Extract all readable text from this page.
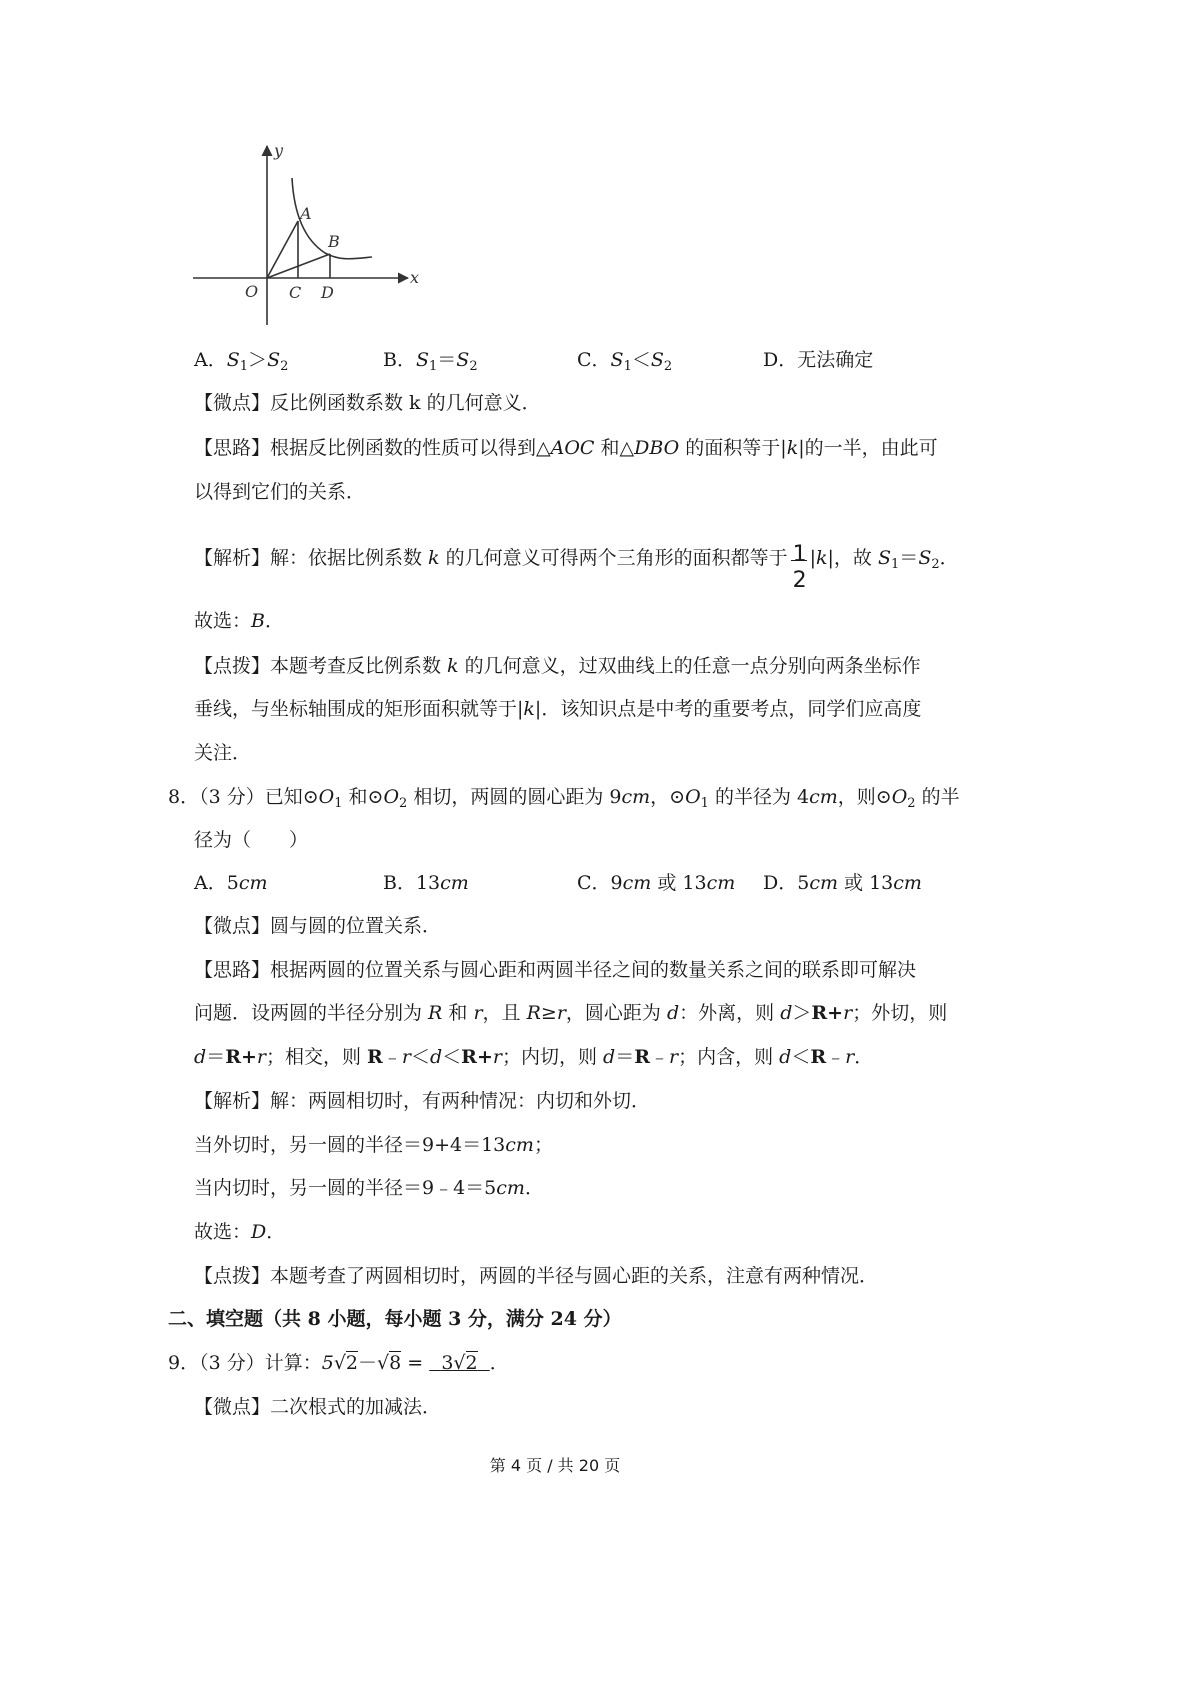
y
x
O
A
B
C D
A．$S_1>S_2$	B．$S_1=S_2$	C．$S_1<S_2$	D．无法确定
【微点】反比例函数系数 k 的几何意义．
【思路】根据反比例函数的性质可以得到△AOC 和△DBO 的面积等于|k|的一半，由此可
以得到它们的关系．
【解析】解：依据比例系数 k 的几何意义可得两个三角形的面积都等于 1
2
|k|，故 $S_1=S_2$．
故选：B．
【点拨】本题考查反比例系数 k 的几何意义，过双曲线上的任意一点分别向两条坐标作
垂线，与坐标轴围成的矩形面积就等于|k|．该知识点是中考的重要考点，同学们应高度
关注．
8．（3 分）已知$⊙O_1$ 和$⊙O_2$ 相切，两圆的圆心距为 9cm，$⊙O_1$ 的半径为 4cm，则$⊙O_2$ 的半
径为（　　）
A．5cm	B．13cm	C．9cm 或 13cm D．5cm 或 13cm
【微点】圆与圆的位置关系．
【思路】根据两圆的位置关系与圆心距和两圆半径之间的数量关系之间的联系即可解决
问题．设两圆的半径分别为 R 和 r，且 R≥r，圆心距为 d：外离，则 d＞R+r；外切，则
d＝R+r；相交，则 R﹣r＜d＜R+r；内切，则 d＝R﹣r；内含，则 d＜R﹣r．
【解析】解：两圆相切时，有两种情况：内切和外切．
当外切时，另一圆的半径＝9+4＝13cm；
当内切时，另一圆的半径＝9﹣4＝5cm．
故选：D．
【点拨】本题考查了两圆相切时，两圆的半径与圆心距的关系，注意有两种情况．
二、填空题（共 8 小题，每小题 3 分，满分 24 分）
9．（3 分）计算：5√2－√8 =   3√2 ．
【微点】二次根式的加减法．
第 4 页 / 共 20 页
